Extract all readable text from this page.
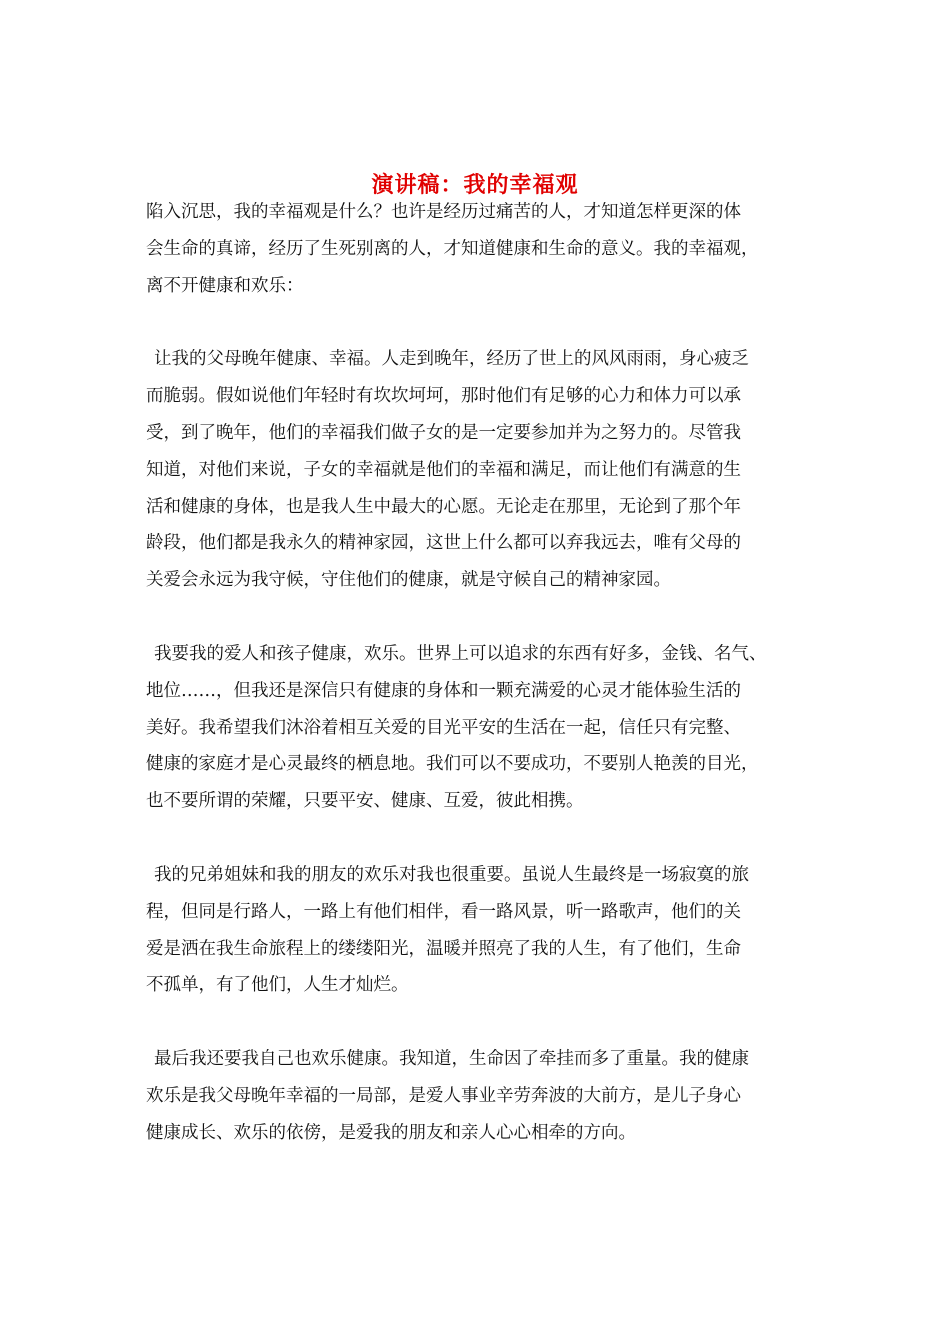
演讲稿：我的幸福观

陷入沉思，我的幸福观是什么？也许是经历过痛苦的人，才知道怎样更深的体
会生命的真谛，经历了生死别离的人，才知道健康和生命的意义。我的幸福观，
离不开健康和欢乐：

让我的父母晚年健康、幸福。人走到晚年，经历了世上的风风雨雨，身心疲乏
而脆弱。假如说他们年轻时有坎坎坷坷，那时他们有足够的心力和体力可以承
受，到了晚年，他们的幸福我们做子女的是一定要参加并为之努力的。尽管我
知道，对他们来说，子女的幸福就是他们的幸福和满足，而让他们有满意的生
活和健康的身体，也是我人生中最大的心愿。无论走在那里，无论到了那个年
龄段，他们都是我永久的精神家园，这世上什么都可以弃我远去，唯有父母的
关爱会永远为我守候，守住他们的健康，就是守候自己的精神家园。

我要我的爱人和孩子健康，欢乐。世界上可以追求的东西有好多，金钱、名气、
地位……，但我还是深信只有健康的身体和一颗充满爱的心灵才能体验生活的
美好。我希望我们沐浴着相互关爱的目光平安的生活在一起，信任只有完整、
健康的家庭才是心灵最终的栖息地。我们可以不要成功，不要别人艳羡的目光，
也不要所谓的荣耀，只要平安、健康、互爱，彼此相携。

我的兄弟姐妹和我的朋友的欢乐对我也很重要。虽说人生最终是一场寂寞的旅
程，但同是行路人，一路上有他们相伴，看一路风景，听一路歌声，他们的关
爱是洒在我生命旅程上的缕缕阳光，温暖并照亮了我的人生，有了他们，生命
不孤单，有了他们，人生才灿烂。

最后我还要我自己也欢乐健康。我知道，生命因了牵挂而多了重量。我的健康
欢乐是我父母晚年幸福的一局部，是爱人事业辛劳奔波的大前方，是儿子身心
健康成长、欢乐的依傍，是爱我的朋友和亲人心心相牵的方向。
